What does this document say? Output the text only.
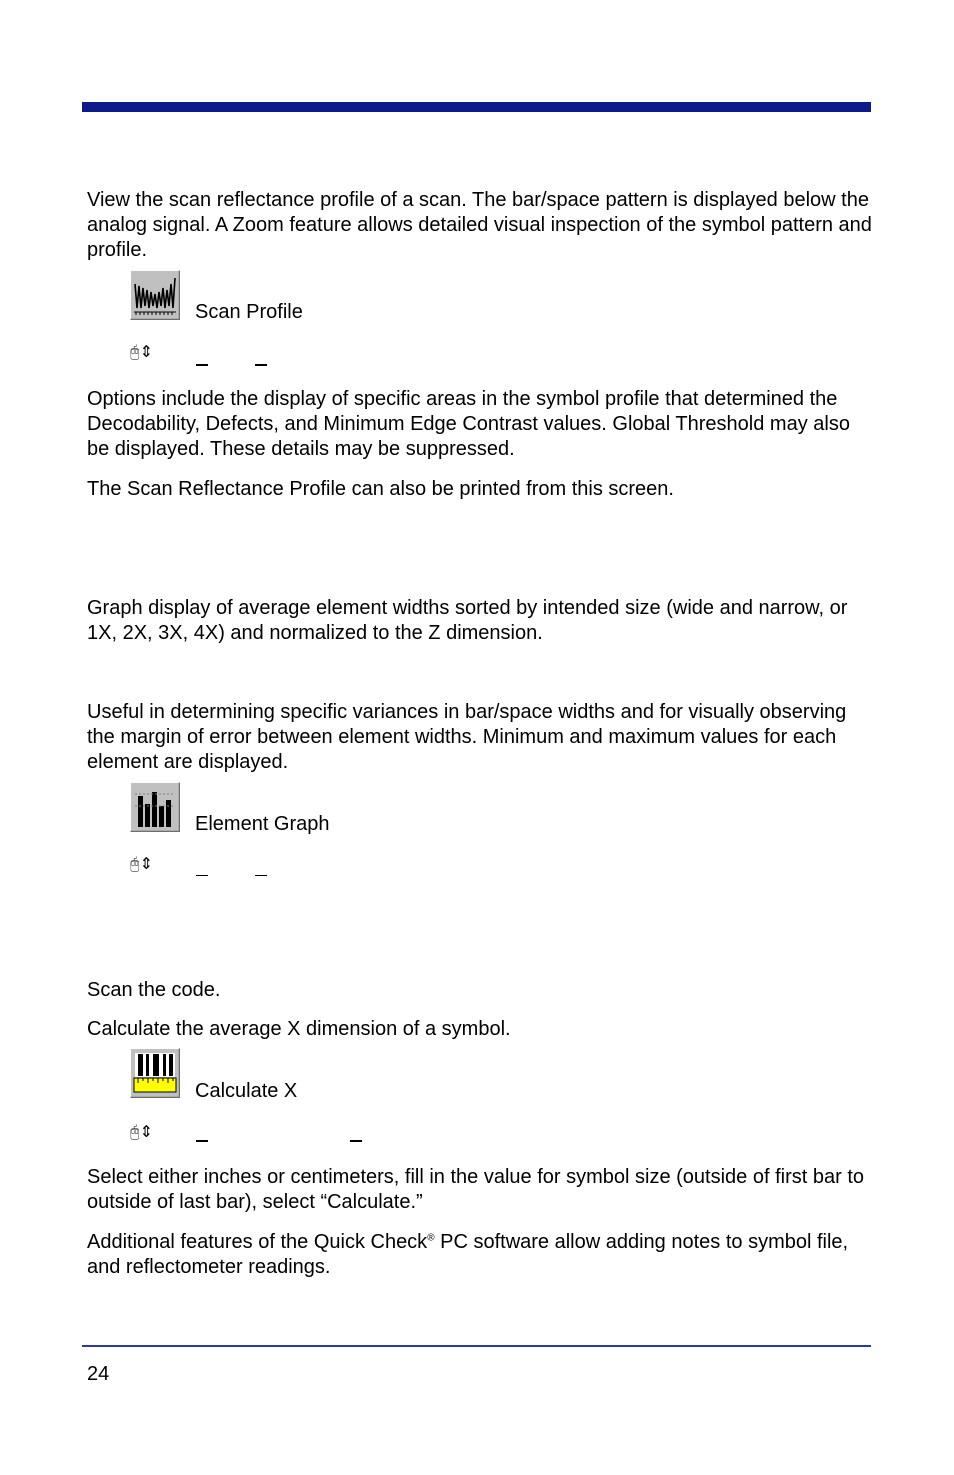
View the scan reflectance profile of a scan. The bar/space pattern is displayed below the analog signal. A Zoom feature allows detailed visual inspection of the symbol pattern and profile.

Scan Profile
🖰⇕

Options include the display of specific areas in the symbol profile that determined the Decodability, Defects, and Minimum Edge Contrast values. Global Threshold may also be displayed. These details may be suppressed.

The Scan Reflectance Profile can also be printed from this screen.

Graph display of average element widths sorted by intended size (wide and narrow, or 1X, 2X, 3X, 4X) and normalized to the Z dimension.

Useful in determining specific variances in bar/space widths and for visually observing the margin of error between element widths. Minimum and maximum values for each element are displayed.

Element Graph
🖰⇕

Scan the code.

Calculate the average X dimension of a symbol.

Calculate X
🖰⇕

Select either inches or centimeters, fill in the value for symbol size (outside of first bar to outside of last bar), select “Calculate.”

Additional features of the Quick Check® PC software allow adding notes to symbol file, and reflectometer readings.

24
